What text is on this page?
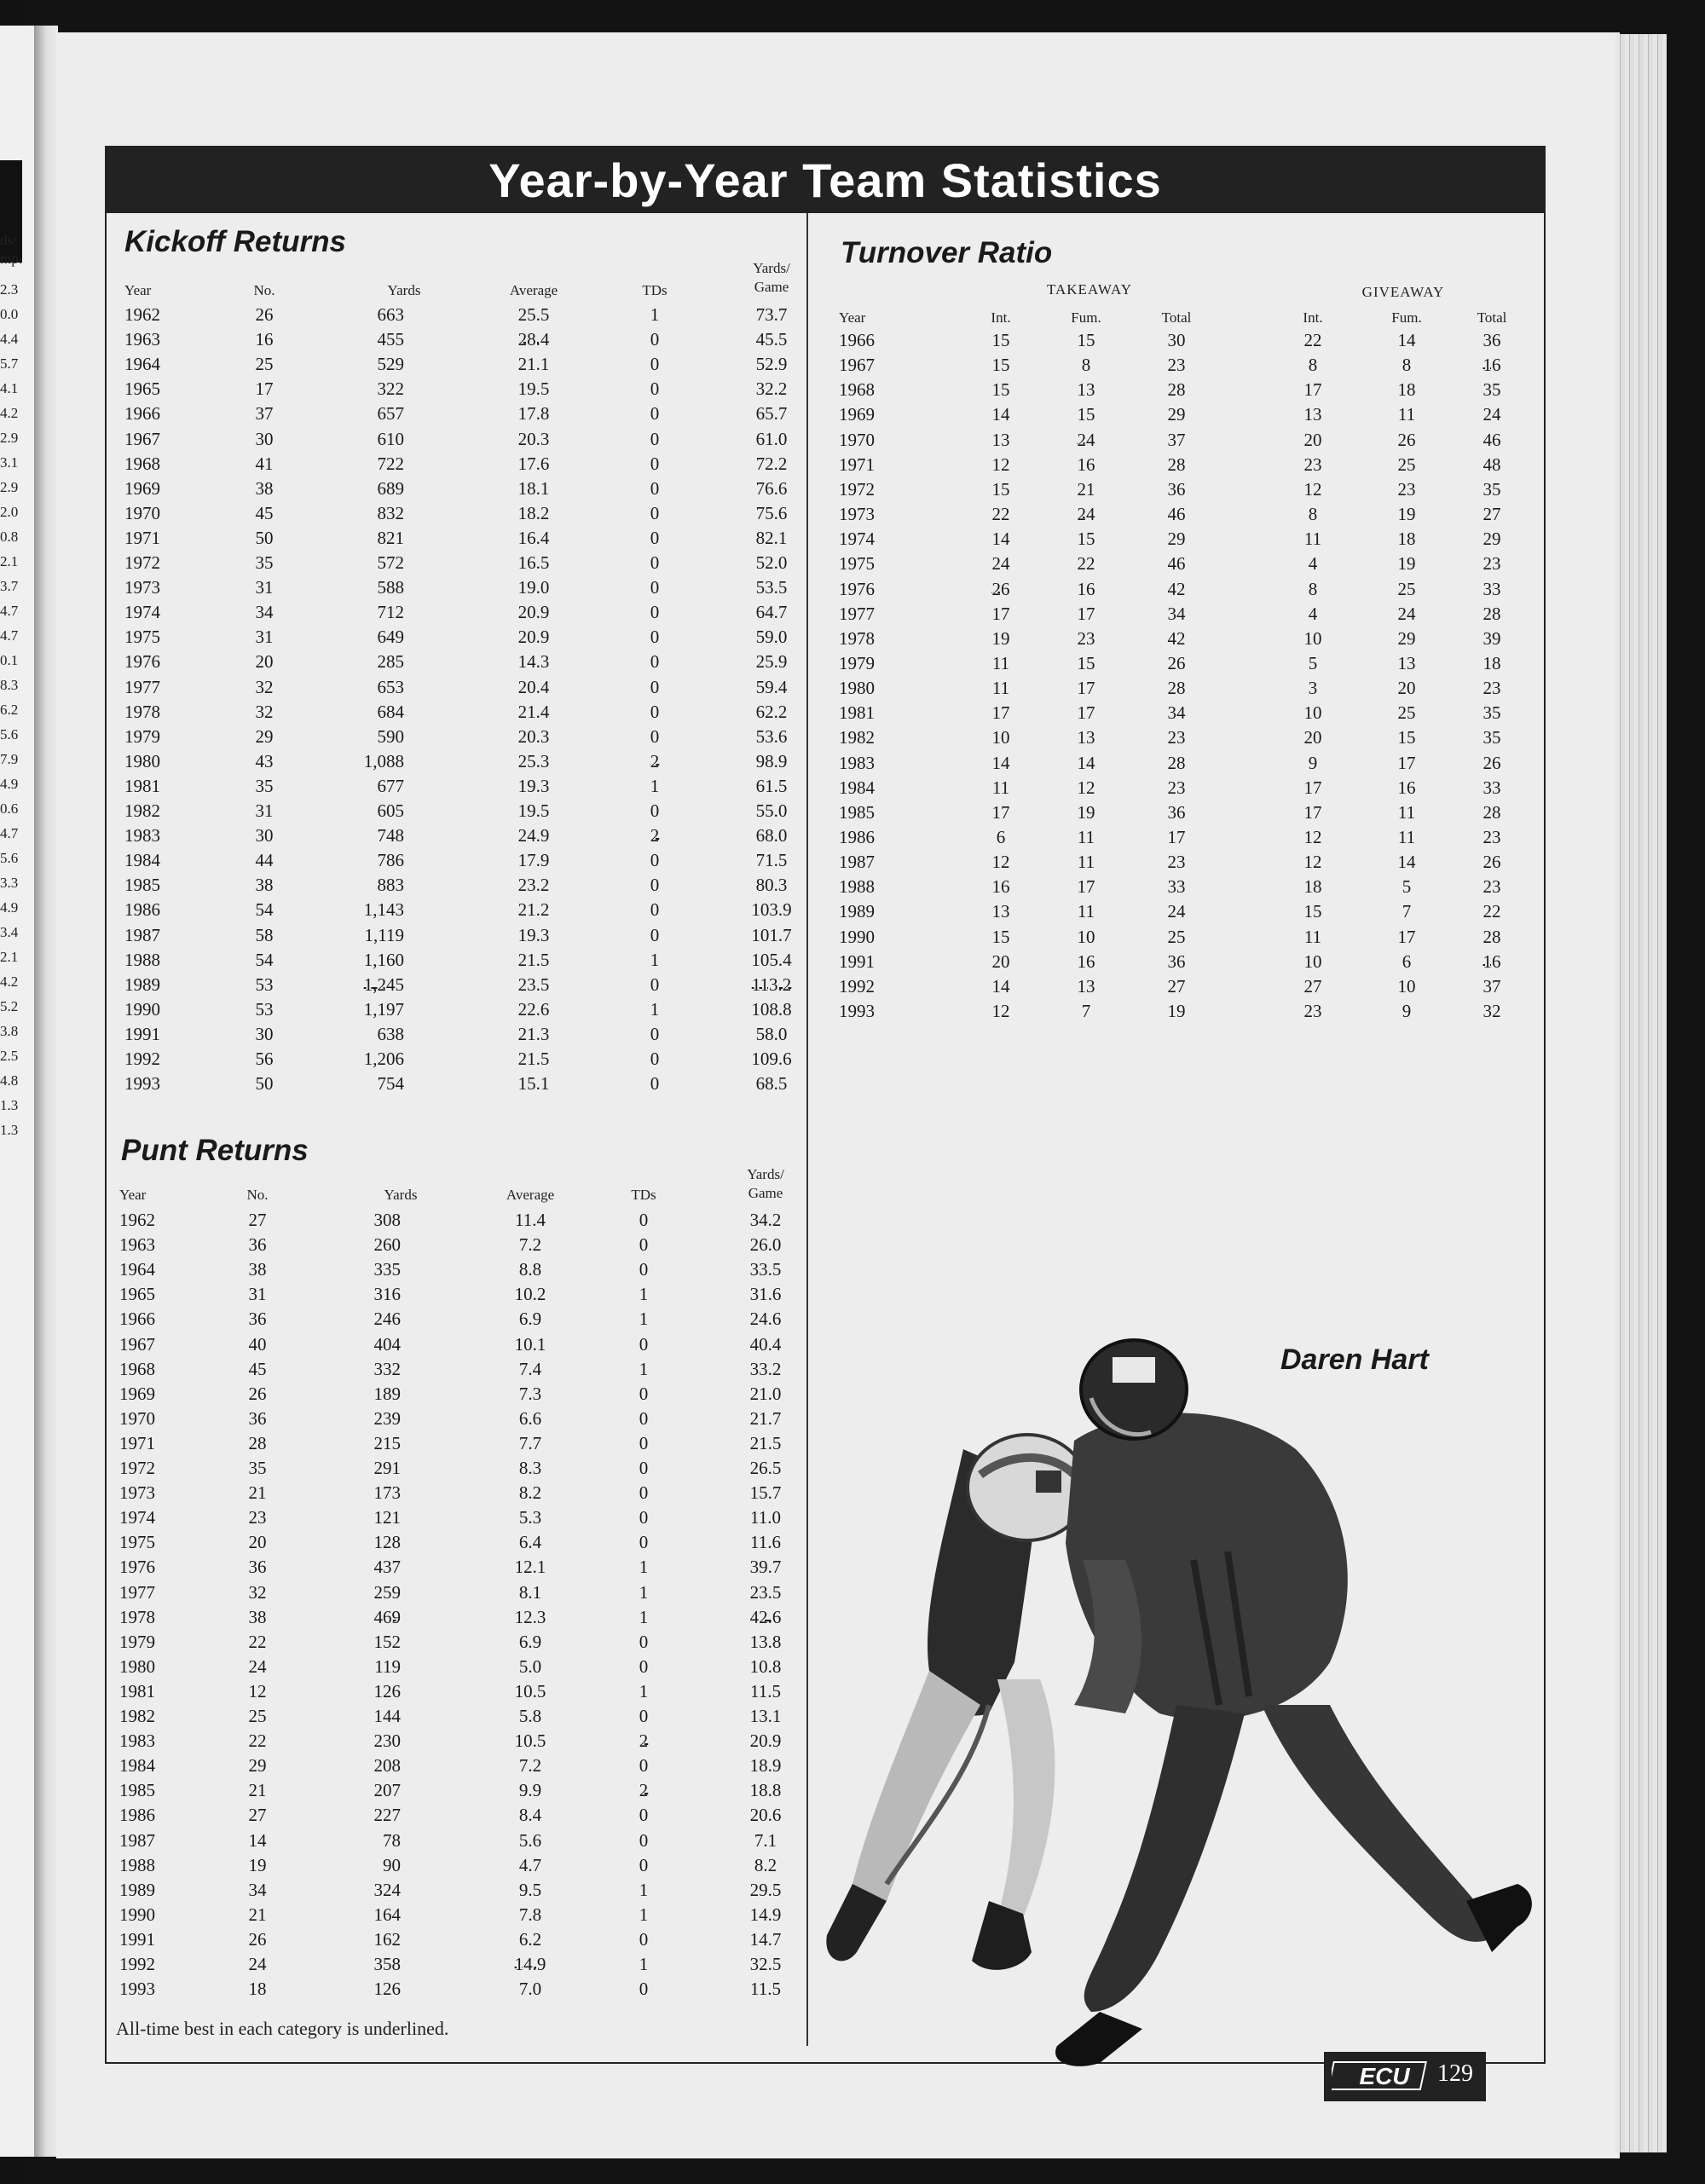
ds/
mp.
2.3
0.0
4.4
5.7
4.1
4.2
2.9
3.1
2.9
2.0
0.8
2.1
3.7
4.7
4.7
0.1
8.3
6.2
5.6
7.9
4.9
0.6
4.7
5.6
3.3
4.9
3.4
2.1
4.2
5.2
3.8
2.5
4.8
1.3
1.3
Year-by-Year Team Statistics
Kickoff Returns
Year	No.	Yards	Average	TDs
Yards/
Game
1962	26	663	25.5	1	73.7
1963	16	455	28.4	0	45.5
1964	25	529	21.1	0	52.9
1965	17	322	19.5	0	32.2
1966	37	657	17.8	0	65.7
1967	30	610	20.3	0	61.0
1968	41	722	17.6	0	72.2
1969	38	689	18.1	0	76.6
1970	45	832	18.2	0	75.6
1971	50	821	16.4	0	82.1
1972	35	572	16.5	0	52.0
1973	31	588	19.0	0	53.5
1974	34	712	20.9	0	64.7
1975	31	649	20.9	0	59.0
1976	20	285	14.3	0	25.9
1977	32	653	20.4	0	59.4
1978	32	684	21.4	0	62.2
1979	29	590	20.3	0	53.6
1980	43	1,088	25.3	2	98.9
1981	35	677	19.3	1	61.5
1982	31	605	19.5	0	55.0
1983	30	748	24.9	2	68.0
1984	44	786	17.9	0	71.5
1985	38	883	23.2	0	80.3
1986	54	1,143	21.2	0	103.9
1987	58	1,119	19.3	0	101.7
1988	54	1,160	21.5	1	105.4
1989	53	1,245	23.5	0	113.2
1990	53	1,197	22.6	1	108.8
1991	30	638	21.3	0	58.0
1992	56	1,206	21.5	0	109.6
1993	50	754	15.1	0	68.5
Punt Returns
Year	No.	Yards	Average	TDs
Yards/
Game
1962	27	308	11.4	0	34.2
1963	36	260	7.2	0	26.0
1964	38	335	8.8	0	33.5
1965	31	316	10.2	1	31.6
1966	36	246	6.9	1	24.6
1967	40	404	10.1	0	40.4
1968	45	332	7.4	1	33.2
1969	26	189	7.3	0	21.0
1970	36	239	6.6	0	21.7
1971	28	215	7.7	0	21.5
1972	35	291	8.3	0	26.5
1973	21	173	8.2	0	15.7
1974	23	121	5.3	0	11.0
1975	20	128	6.4	0	11.6
1976	36	437	12.1	1	39.7
1977	32	259	8.1	1	23.5
1978	38	469	12.3	1	42.6
1979	22	152	6.9	0	13.8
1980	24	119	5.0	0	10.8
1981	12	126	10.5	1	11.5
1982	25	144	5.8	0	13.1
1983	22	230	10.5	2	20.9
1984	29	208	7.2	0	18.9
1985	21	207	9.9	2	18.8
1986	27	227	8.4	0	20.6
1987	14	78	5.6	0	7.1
1988	19	90	4.7	0	8.2
1989	34	324	9.5	1	29.5
1990	21	164	7.8	1	14.9
1991	26	162	6.2	0	14.7
1992	24	358	14.9	1	32.5
1993	18	126	7.0	0	11.5
Turnover Ratio
TAKEAWAY	GIVEAWAY
Year	Int.	Fum.	Total	Int.	Fum.	Total
1966	15	15	30	22	14	36
1967	15	8	23	8	8	16
1968	15	13	28	17	18	35
1969	14	15	29	13	11	24
1970	13	24	37	20	26	46
1971	12	16	28	23	25	48
1972	15	21	36	12	23	35
1973	22	24	46	8	19	27
1974	14	15	29	11	18	29
1975	24	22	46	4	19	23
1976	26	16	42	8	25	33
1977	17	17	34	4	24	28
1978	19	23	42	10	29	39
1979	11	15	26	5	13	18
1980	11	17	28	3	20	23
1981	17	17	34	10	25	35
1982	10	13	23	20	15	35
1983	14	14	28	9	17	26
1984	11	12	23	17	16	33
1985	17	19	36	17	11	28
1986	6	11	17	12	11	23
1987	12	11	23	12	14	26
1988	16	17	33	18	5	23
1989	13	11	24	15	7	22
1990	15	10	25	11	17	28
1991	20	16	36	10	6	16
1992	14	13	27	27	10	37
1993	12	7	19	23	9	32
All-time best in each category is underlined.
Daren Hart
ECU 129
